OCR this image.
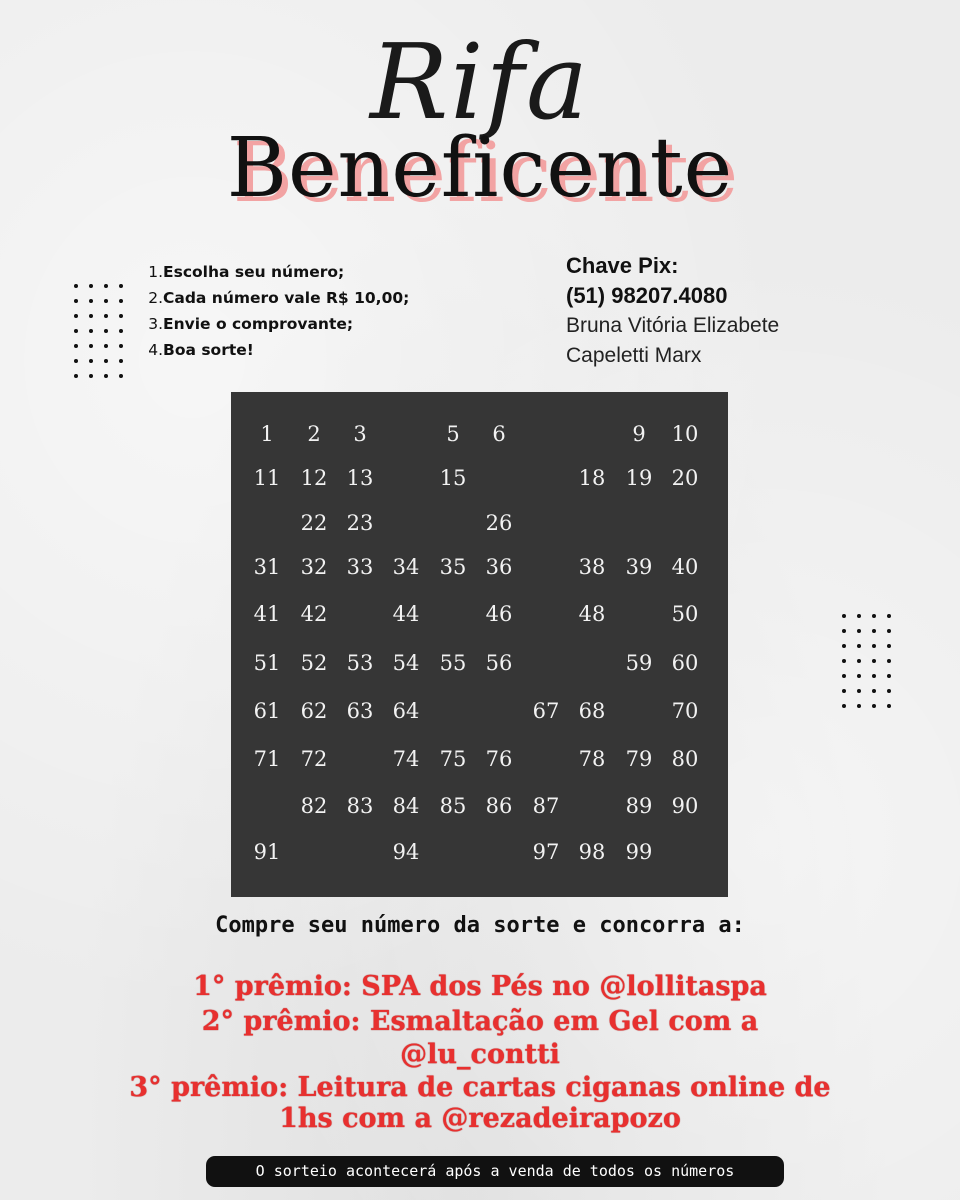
Rifa
Beneficente
1.Escolha seu número;
2.Cada número vale R$ 10,00;
3.Envie o comprovante;
4.Boa sorte!
Chave Pix:
(51) 98207.4080
Bruna Vitória Elizabete
Capeletti Marx
1	2	3	5	6	9	10
11 12 13	15	18 19 20
22 23	26
31 32 33 34 35 36	38 39 40
41 42	44	46	48	50
51 52 53 54 55 56	59 60
61 62 63 64	67 68	70
71 72	74 75 76	78 79 80
82 83 84 85 86 87	89 90
91	94	97 98 99
Compre seu número da sorte e concorra a:
1° prêmio: SPA dos Pés no @lollitaspa
2° prêmio: Esmaltação em Gel com a
@lu_contti
3° prêmio: Leitura de cartas ciganas online de
1hs com a @rezadeirapozo
O sorteio acontecerá após a venda de todos os números
